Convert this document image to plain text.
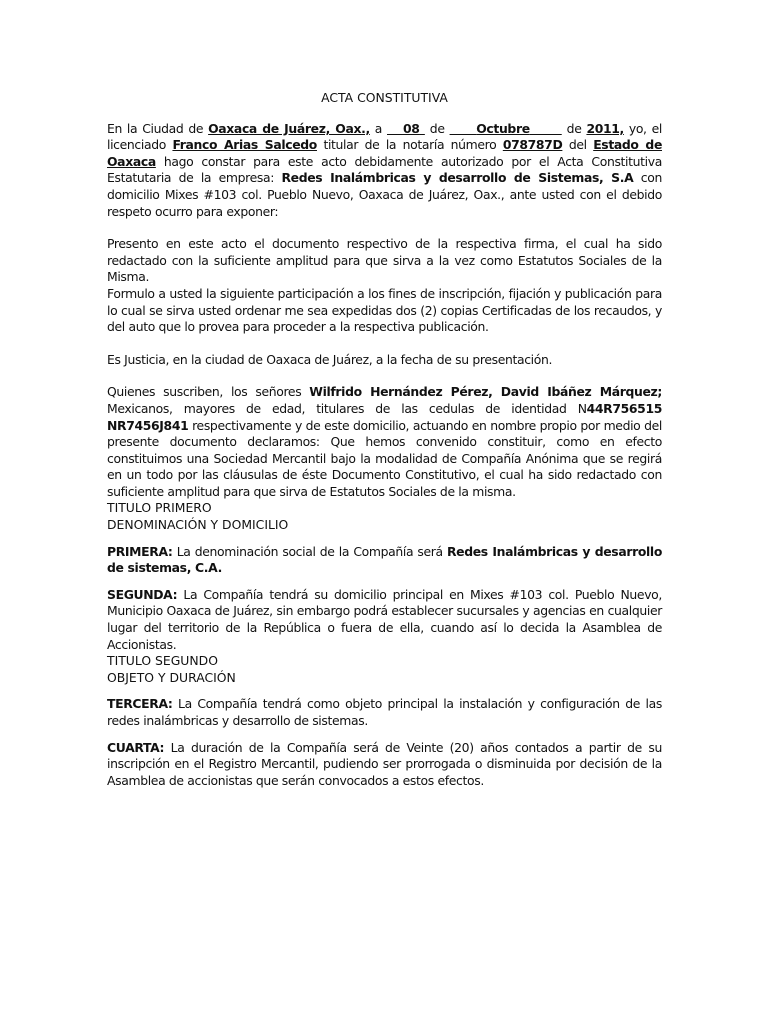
ACTA CONSTITUTIVA

En la Ciudad de Oaxaca de Juárez, Oax., a    08  de      Octubre	de 2011, yo, el licenciado Franco Arias Salcedo titular de la notaría número 078787D del Estado de Oaxaca hago constar para este acto debidamente autorizado por el Acta Constitutiva Estatutaria de la empresa: Redes Inalámbricas y desarrollo de Sistemas, S.A con domicilio Mixes #103 col. Pueblo Nuevo, Oaxaca de Juárez, Oax., ante usted con el debido respeto ocurro para exponer:

Presento en este acto el documento respectivo de la respectiva firma, el cual ha sido redactado con la suficiente amplitud para que sirva a la vez como Estatutos Sociales de la Misma.

Formulo a usted la siguiente participación a los fines de inscripción, fijación y publicación para lo cual se sirva usted ordenar me sea expedidas dos (2) copias Certificadas de los recaudos, y del auto que lo provea para proceder a la respectiva publicación.

Es Justicia, en la ciudad de Oaxaca de Juárez, a la fecha de su presentación.

Quienes suscriben, los señores Wilfrido Hernández Pérez, David Ibáñez Márquez; Mexicanos, mayores de edad, titulares de las cedulas de identidad N44R756515 NR7456J841 respectivamente y de este domicilio, actuando en nombre propio por medio del presente documento declaramos: Que hemos convenido constituir, como en efecto constituimos una Sociedad Mercantil bajo la modalidad de Compañía Anónima que se regirá en un todo por las cláusulas de éste Documento Constitutivo, el cual ha sido redactado con suficiente amplitud para que sirva de Estatutos Sociales de la misma.

TITULO PRIMERO
DENOMINACIÓN Y DOMICILIO

PRIMERA: La denominación social de la Compañía será Redes Inalámbricas y desarrollo de sistemas, C.A.

SEGUNDA: La Compañía tendrá su domicilio principal en Mixes #103 col. Pueblo Nuevo, Municipio Oaxaca de Juárez, sin embargo podrá establecer sucursales y agencias en cualquier lugar del territorio de la República o fuera de ella, cuando así lo decida la Asamblea de Accionistas.

TITULO SEGUNDO
OBJETO Y DURACIÓN

TERCERA: La Compañía tendrá como objeto principal la instalación y configuración de las redes inalámbricas y desarrollo de sistemas.

CUARTA: La duración de la Compañía será de Veinte (20) años contados a partir de su inscripción en el Registro Mercantil, pudiendo ser prorrogada o disminuida por decisión de la Asamblea de accionistas que serán convocados a estos efectos.
